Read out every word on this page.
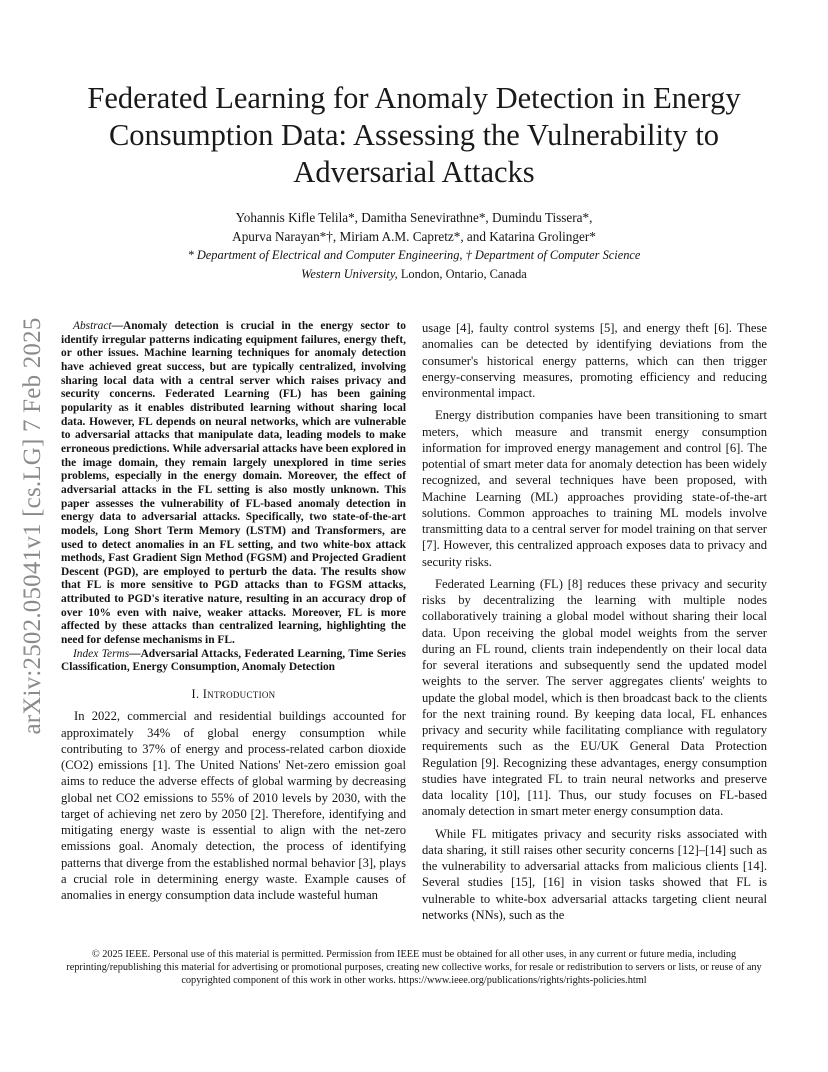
arXiv:2502.05041v1 [cs.LG] 7 Feb 2025
Federated Learning for Anomaly Detection in Energy Consumption Data: Assessing the Vulnerability to Adversarial Attacks
Yohannis Kifle Telila*, Damitha Senevirathne*, Dumindu Tissera*,
Apurva Narayan*†, Miriam A.M. Capretz*, and Katarina Grolinger*
* Department of Electrical and Computer Engineering, † Department of Computer Science
Western University, London, Ontario, Canada

Abstract—Anomaly detection is crucial in the energy sector to identify irregular patterns indicating equipment failures, energy theft, or other issues. Machine learning techniques for anomaly detection have achieved great success, but are typically centralized, involving sharing local data with a central server which raises privacy and security concerns. Federated Learning (FL) has been gaining popularity as it enables distributed learning without sharing local data. However, FL depends on neural networks, which are vulnerable to adversarial attacks that manipulate data, leading models to make erroneous predictions. While adversarial attacks have been explored in the image domain, they remain largely unexplored in time series problems, especially in the energy domain. Moreover, the effect of adversarial attacks in the FL setting is also mostly unknown. This paper assesses the vulnerability of FL-based anomaly detection in energy data to adversarial attacks. Specifically, two state-of-the-art models, Long Short Term Memory (LSTM) and Transformers, are used to detect anomalies in an FL setting, and two white-box attack methods, Fast Gradient Sign Method (FGSM) and Projected Gradient Descent (PGD), are employed to perturb the data. The results show that FL is more sensitive to PGD attacks than to FGSM attacks, attributed to PGD's iterative nature, resulting in an accuracy drop of over 10% even with naive, weaker attacks. Moreover, FL is more affected by these attacks than centralized learning, highlighting the need for defense mechanisms in FL.

Index Terms—Adversarial Attacks, Federated Learning, Time Series Classification, Energy Consumption, Anomaly Detection

I. Introduction

In 2022, commercial and residential buildings accounted for approximately 34% of global energy consumption while contributing to 37% of energy and process-related carbon dioxide (CO2) emissions [1]. The United Nations' Net-zero emission goal aims to reduce the adverse effects of global warming by decreasing global net CO2 emissions to 55% of 2010 levels by 2030, with the target of achieving net zero by 2050 [2]. Therefore, identifying and mitigating energy waste is essential to align with the net-zero emissions goal. Anomaly detection, the process of identifying patterns that diverge from the established normal behavior [3], plays a crucial role in determining energy waste. Example causes of anomalies in energy consumption data include wasteful human

usage [4], faulty control systems [5], and energy theft [6]. These anomalies can be detected by identifying deviations from the consumer's historical energy patterns, which can then trigger energy-conserving measures, promoting efficiency and reducing environmental impact.

Energy distribution companies have been transitioning to smart meters, which measure and transmit energy consumption information for improved energy management and control [6]. The potential of smart meter data for anomaly detection has been widely recognized, and several techniques have been proposed, with Machine Learning (ML) approaches providing state-of-the-art solutions. Common approaches to training ML models involve transmitting data to a central server for model training on that server [7]. However, this centralized approach exposes data to privacy and security risks.

Federated Learning (FL) [8] reduces these privacy and security risks by decentralizing the learning with multiple nodes collaboratively training a global model without sharing their local data. Upon receiving the global model weights from the server during an FL round, clients train independently on their local data for several iterations and subsequently send the updated model weights to the server. The server aggregates clients' weights to update the global model, which is then broadcast back to the clients for the next training round. By keeping data local, FL enhances privacy and security while facilitating compliance with regulatory requirements such as the EU/UK General Data Protection Regulation [9]. Recognizing these advantages, energy consumption studies have integrated FL to train neural networks and preserve data locality [10], [11]. Thus, our study focuses on FL-based anomaly detection in smart meter energy consumption data.

While FL mitigates privacy and security risks associated with data sharing, it still raises other security concerns [12]–[14] such as the vulnerability to adversarial attacks from malicious clients [14]. Several studies [15], [16] in vision tasks showed that FL is vulnerable to white-box adversarial attacks targeting client neural networks (NNs), such as the

© 2025 IEEE. Personal use of this material is permitted. Permission from IEEE must be obtained for all other uses, in any current or future media, including reprinting/republishing this material for advertising or promotional purposes, creating new collective works, for resale or redistribution to servers or lists, or reuse of any copyrighted component of this work in other works. https://www.ieee.org/publications/rights/rights-policies.html
